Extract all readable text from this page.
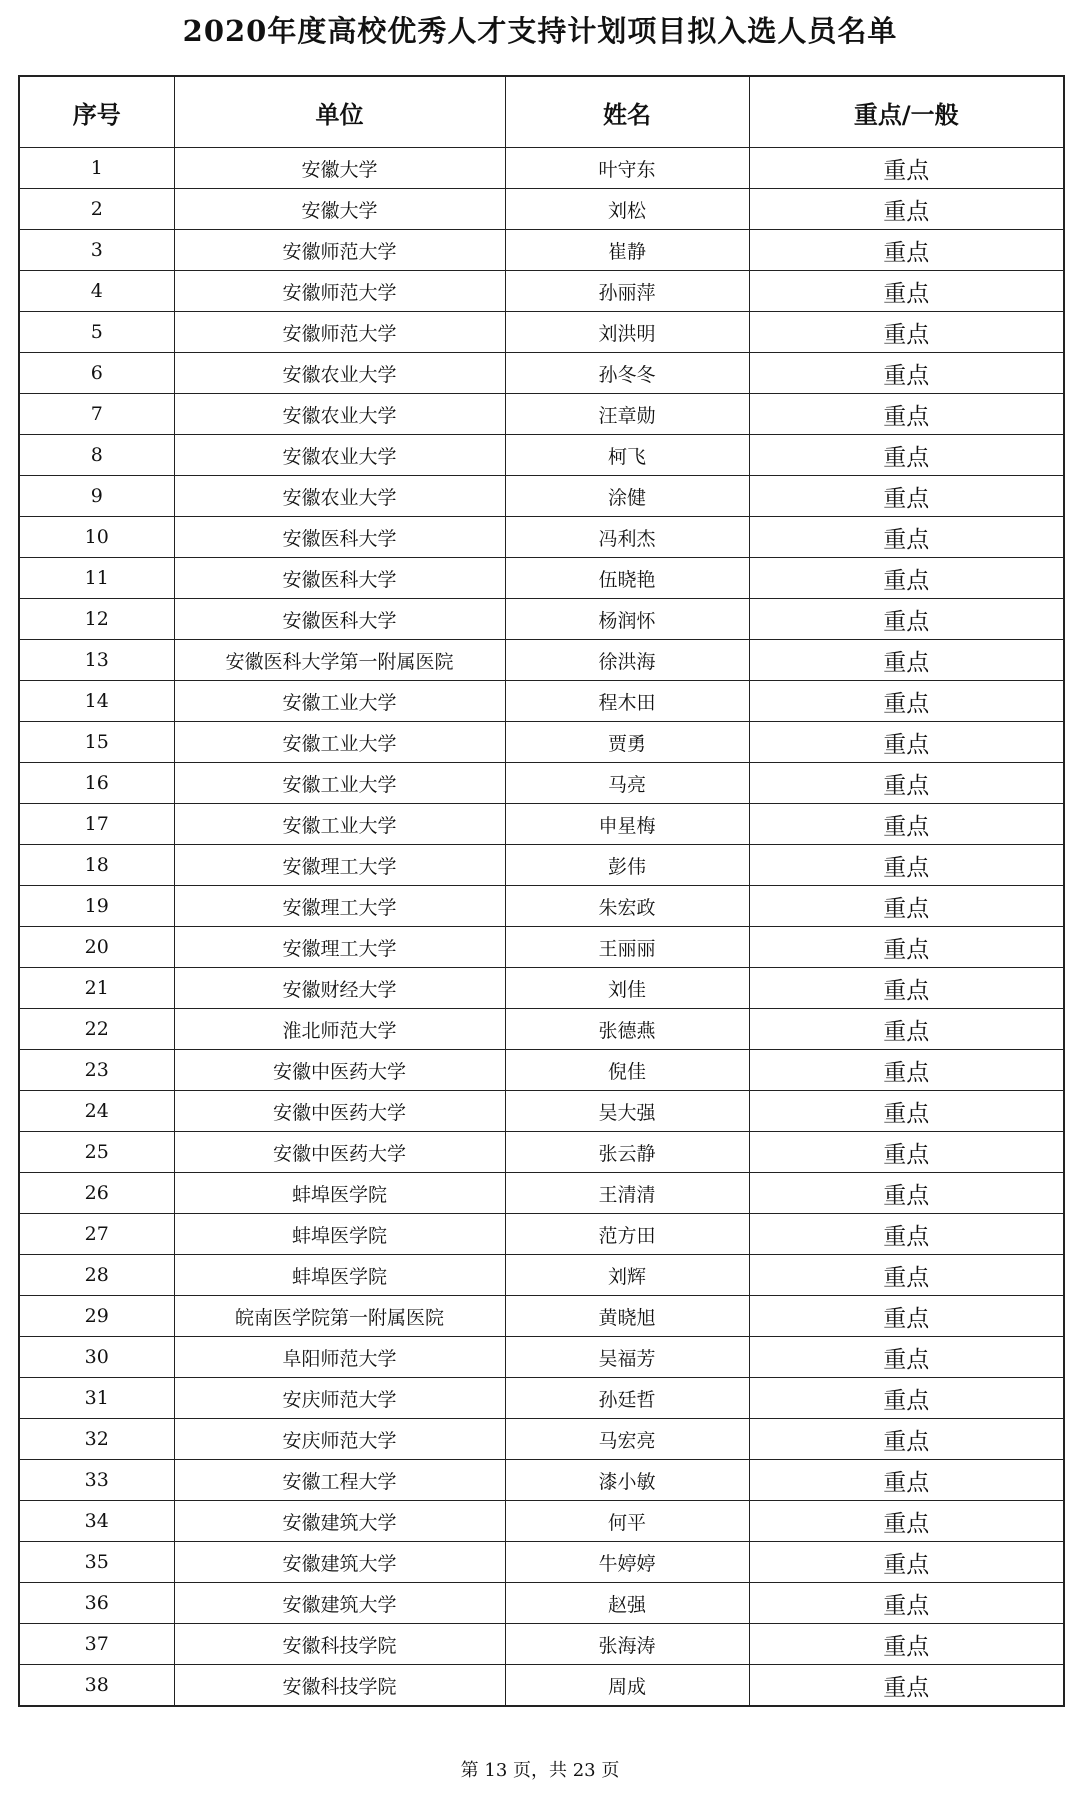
2020年度高校优秀人才支持计划项目拟入选人员名单
序号	单位	姓名	重点/一般
1	安徽大学	叶守东	重点
2	安徽大学	刘松	重点
3	安徽师范大学	崔静	重点
4	安徽师范大学	孙丽萍	重点
5	安徽师范大学	刘洪明	重点
6	安徽农业大学	孙冬冬	重点
7	安徽农业大学	汪章勋	重点
8	安徽农业大学	柯飞	重点
9	安徽农业大学	涂健	重点
10	安徽医科大学	冯利杰	重点
11	安徽医科大学	伍晓艳	重点
12	安徽医科大学	杨润怀	重点
13	安徽医科大学第一附属医院	徐洪海	重点
14	安徽工业大学	程木田	重点
15	安徽工业大学	贾勇	重点
16	安徽工业大学	马亮	重点
17	安徽工业大学	申星梅	重点
18	安徽理工大学	彭伟	重点
19	安徽理工大学	朱宏政	重点
20	安徽理工大学	王丽丽	重点
21	安徽财经大学	刘佳	重点
22	淮北师范大学	张德燕	重点
23	安徽中医药大学	倪佳	重点
24	安徽中医药大学	吴大强	重点
25	安徽中医药大学	张云静	重点
26	蚌埠医学院	王清清	重点
27	蚌埠医学院	范方田	重点
28	蚌埠医学院	刘辉	重点
29	皖南医学院第一附属医院	黄晓旭	重点
30	阜阳师范大学	吴福芳	重点
31	安庆师范大学	孙廷哲	重点
32	安庆师范大学	马宏亮	重点
33	安徽工程大学	漆小敏	重点
34	安徽建筑大学	何平	重点
35	安徽建筑大学	牛婷婷	重点
36	安徽建筑大学	赵强	重点
37	安徽科技学院	张海涛	重点
38	安徽科技学院	周成	重点
第 13 页，共 23 页
